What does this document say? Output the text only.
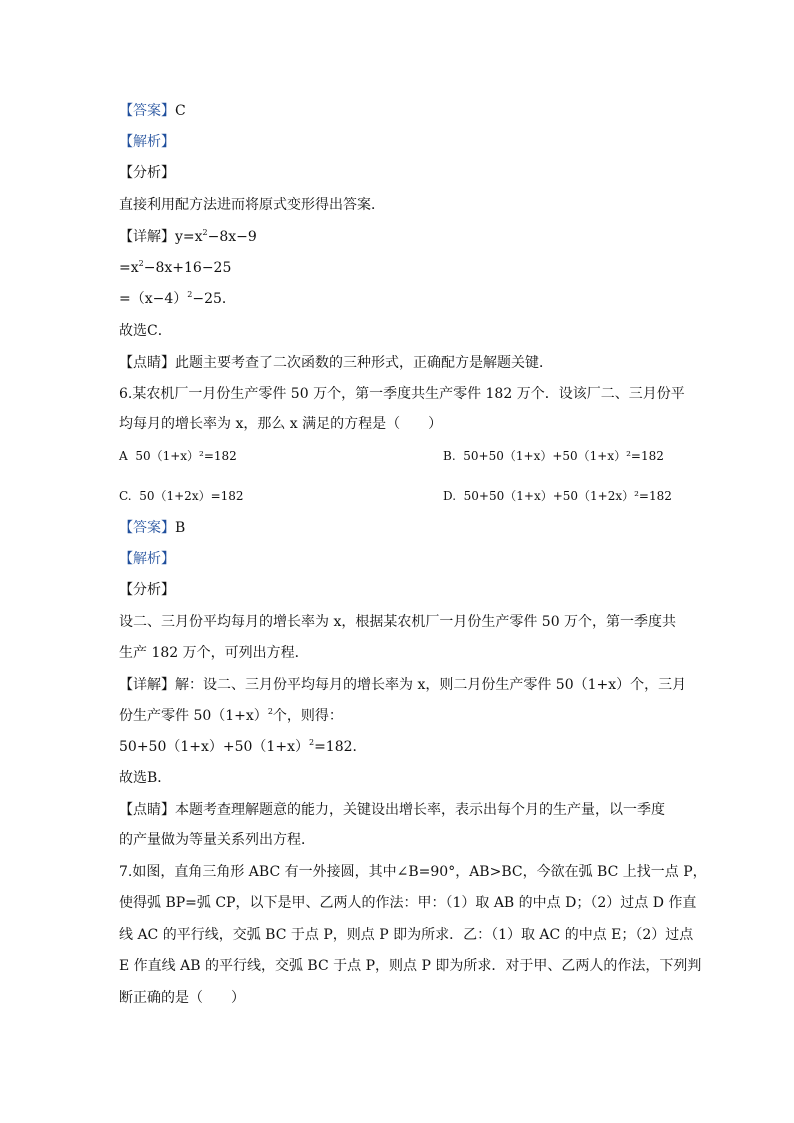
【答案】C
【解析】
【分析】
直接利用配方法进而将原式变形得出答案．
【详解】$y=x^2-8x-9$
$=x^2-8x+16-25$
$=(x-4)^2-25$．
故选C．
【点睛】此题主要考查了二次函数的三种形式，正确配方是解题关键．
6.某农机厂一月份生产零件 50 万个，第一季度共生产零件 182 万个．设该厂二、三月份平
均每月的增长率为 x，那么 x 满足的方程是（　　）
A 50（1+x）²=182	B. 50+50（1+x）+50（1+x）²=182
C. 50（1+2x）=182	D. 50+50（1+x）+50（1+2x）²=182
【答案】B
【解析】
【分析】
设二、三月份平均每月的增长率为 x，根据某农机厂一月份生产零件 50 万个，第一季度共
生产 182 万个，可列出方程．
【详解】解：设二、三月份平均每月的增长率为 x，则二月份生产零件 50（1+x）个，三月
份生产零件 $50(1+x)^2$个，则得：
$50+50(1+x)+50(1+x)^2=182$．
故选B．
【点睛】本题考查理解题意的能力，关键设出增长率，表示出每个月的生产量，以一季度
的产量做为等量关系列出方程．
7.如图，直角三角形 ABC 有一外接圆，其中∠B=90°，AB>BC，今欲在弧 BC 上找一点 P，
使得弧 BP=弧 CP，以下是甲、乙两人的作法：甲：（1）取 AB 的中点 D；（2）过点 D 作直
线 AC 的平行线，交弧 BC 于点 P，则点 P 即为所求．乙：（1）取 AC 的中点 E；（2）过点
E 作直线 AB 的平行线，交弧 BC 于点 P，则点 P 即为所求．对于甲、乙两人的作法，下列判
断正确的是（　　）
